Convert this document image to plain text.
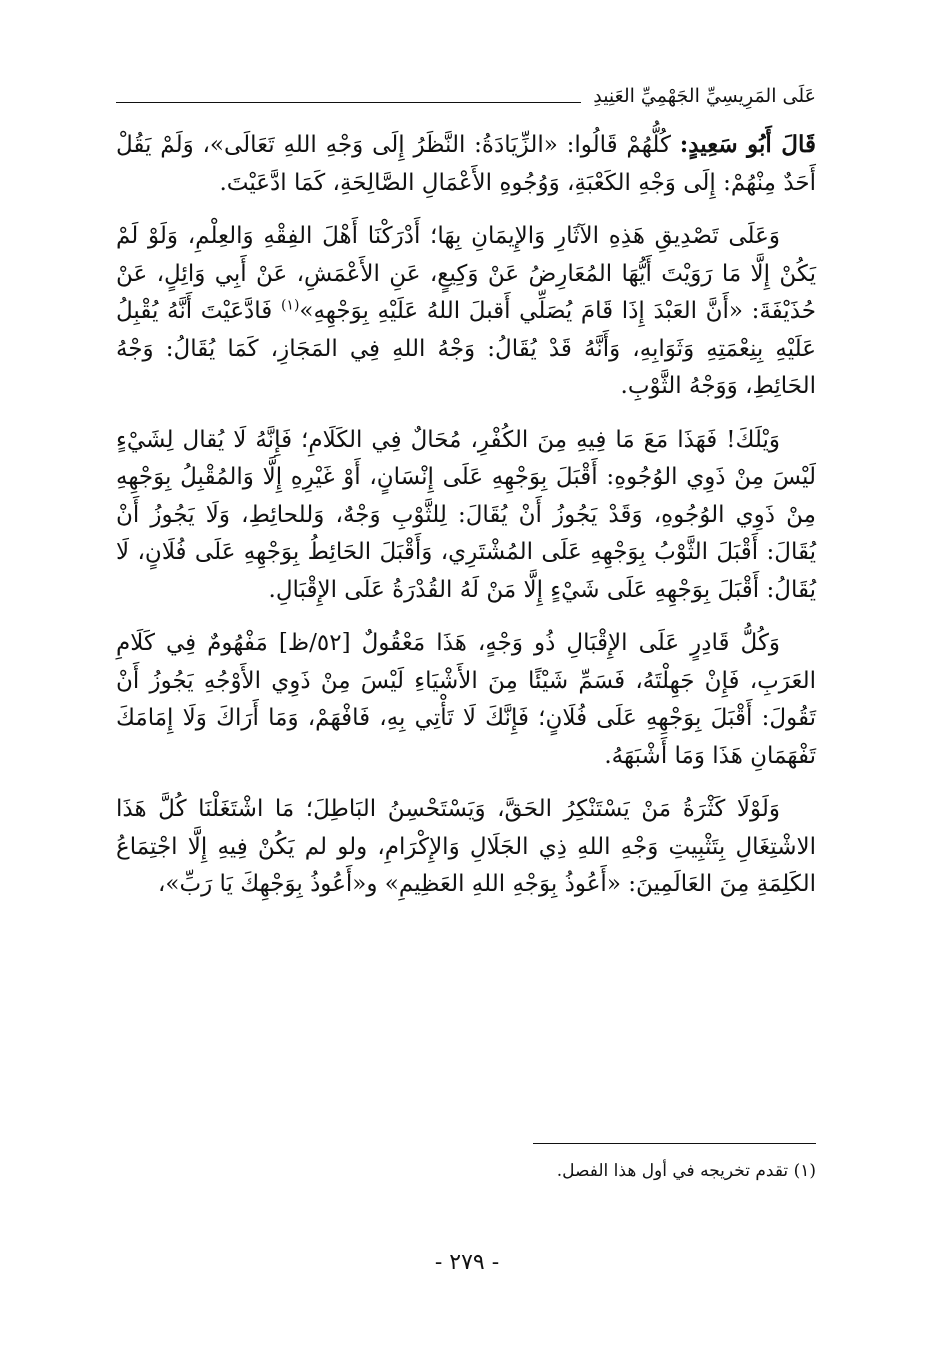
عَلَى المَرِيسِيِّ الجَهْمِيِّ العَنِيدِ

قَالَ أَبُو سَعِيدٍ: كُلُّهُمْ قَالُوا: «الزِّيَادَةُ: النَّظَرُ إِلَى وَجْهِ اللهِ تَعَالَى»، وَلَمْ يَقُلْ أَحَدٌ مِنْهُمْ: إِلَى وَجْهِ الكَعْبَةِ، وَوُجُوهِ الأَعْمَالِ الصَّالِحَةِ، كَمَا ادَّعَيْتَ.

وَعَلَى تَصْدِيقِ هَذِهِ الآثَارِ وَالإِيمَانِ بِهَا؛ أَدْرَكْنَا أَهْلَ الفِقْهِ وَالعِلْمِ، وَلَوْ لَمْ يَكُنْ إِلَّا مَا رَوَيْتَ أَيُّهَا المُعَارِضُ عَنْ وَكِيعٍ، عَنِ الأَعْمَشِ، عَنْ أَبِي وَائِلٍ، عَنْ حُذَيْفَةَ: «أَنَّ العَبْدَ إِذَا قَامَ يُصَلِّي أَقبلَ اللهُ عَلَيْهِ بِوَجْهِهِ»$^{(١)}$ فَادَّعَيْتَ أَنَّهُ يُقْبِلُ عَلَيْهِ بِنِعْمَتِهِ وَثَوَابِهِ، وَأَنَّهُ قَدْ يُقَالُ: وَجْهُ اللهِ فِي المَجَازِ، كَمَا يُقَالُ: وَجْهُ الحَائِطِ، وَوَجْهُ الثَّوْبِ.

وَيْلَكَ! فَهَذَا مَعَ مَا فِيهِ مِنَ الكُفْرِ، مُحَالٌ فِي الكَلَامِ؛ فَإِنَّهُ لَا يُقال لِشَيْءٍ لَيْسَ مِنْ ذَوِي الوُجُوهِ: أَقْبَلَ بِوَجْهِهِ عَلَى إِنْسَانٍ، أَوْ غَيْرِهِ إِلَّا وَالمُقْبِلُ بِوَجْهِهِ مِنْ ذَوِي الوُجُوهِ، وَقَدْ يَجُوزُ أَنْ يُقَالَ: لِلثَّوْبِ وَجْهٌ، وَللحائِطِ، وَلَا يَجُوزُ أَنْ يُقَالَ: أَقْبَلَ الثَّوْبُ بِوَجْهِهِ عَلَى المُشْتَرِي، وَأَقْبَلَ الحَائِطُ بِوَجْهِهِ عَلَى فُلَانٍ، لَا يُقَالُ: أَقْبَلَ بِوَجْهِهِ عَلَى شَيْءٍ إِلَّا مَنْ لَهُ القُدْرَةُ عَلَى الإِقْبَالِ.

وَكُلُّ قَادِرٍ عَلَى الإِقْبَالِ ذُو وَجْهٍ، هَذَا مَعْقُولٌ [٥٢/ظ] مَفْهُومٌ فِي كَلَامِ العَرَبِ، فَإِنْ جَهِلْتَهُ، فَسَمِّ شَيْئًا مِنَ الأَشْيَاءِ لَيْسَ مِنْ ذَوِي الأَوْجُهِ يَجُوزُ أَنْ تَقُولَ: أَقْبَلَ بِوَجْهِهِ عَلَى فُلَانٍ؛ فَإِنَّكَ لَا تَأْتِي بِهِ، فَافْهَمْ، وَمَا أَرَاكَ وَلَا إِمَامَكَ تَفْهَمَانِ هَذَا وَمَا أَشْبَهَهُ.

وَلَوْلَا كَثْرَةُ مَنْ يَسْتَنْكِرُ الحَقَّ، وَيَسْتَحْسِنُ البَاطِلَ؛ مَا اشْتَغَلْنَا كُلَّ هَذَا الاشْتِغَالِ بِتَثْبِيتِ وَجْهِ اللهِ ذِي الجَلَالِ وَالإِكْرَامِ، ولو لم يَكُنْ فِيهِ إِلَّا اجْتِمَاعُ الكَلِمَةِ مِنَ العَالَمِينَ: «أَعُوذُ بِوَجْهِ اللهِ العَظِيمِ» و«أَعُوذُ بِوَجْهِكَ يَا رَبِّ»،

(١) تقدم تخريجه في أول هذا الفصل.
- ٢٧٩ -
